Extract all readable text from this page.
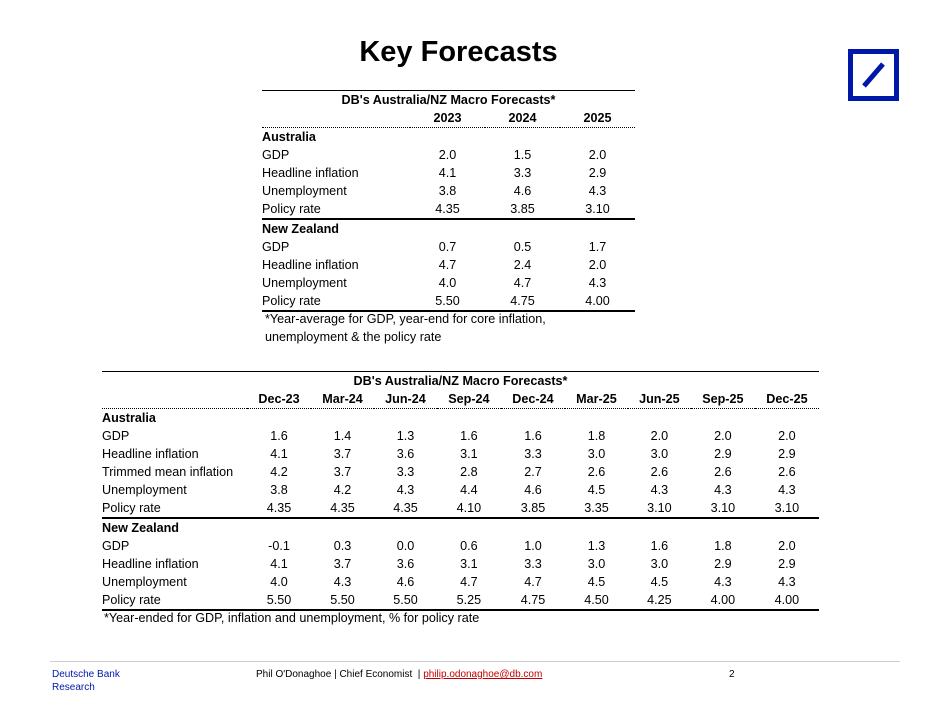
Key Forecasts
DB's Australia/NZ Macro Forecasts*			
	2023	2024	2025
Australia			
GDP	2.0	1.5	2.0
Headline inflation	4.1	3.3	2.9
Unemployment	3.8	4.6	4.3
Policy rate	4.35	3.85	3.10
New Zealand			
GDP	0.7	0.5	1.7
Headline inflation	4.7	2.4	2.0
Unemployment	4.0	4.7	4.3
Policy rate	5.50	4.75	4.00
*Year-average for GDP, year-end for core inflation, unemployment & the policy rate
DB's Australia/NZ Macro Forecasts*									
	Dec-23	Mar-24	Jun-24	Sep-24	Dec-24	Mar-25	Jun-25	Sep-25	Dec-25
Australia									
GDP	1.6	1.4	1.3	1.6	1.6	1.8	2.0	2.0	2.0
Headline inflation	4.1	3.7	3.6	3.1	3.3	3.0	3.0	2.9	2.9
Trimmed mean inflation	4.2	3.7	3.3	2.8	2.7	2.6	2.6	2.6	2.6
Unemployment	3.8	4.2	4.3	4.4	4.6	4.5	4.3	4.3	4.3
Policy rate	4.35	4.35	4.35	4.10	3.85	3.35	3.10	3.10	3.10
New Zealand									
GDP	-0.1	0.3	0.0	0.6	1.0	1.3	1.6	1.8	2.0
Headline inflation	4.1	3.7	3.6	3.1	3.3	3.0	3.0	2.9	2.9
Unemployment	4.0	4.3	4.6	4.7	4.7	4.5	4.5	4.3	4.3
Policy rate	5.50	5.50	5.50	5.25	4.75	4.50	4.25	4.00	4.00
*Year-ended for GDP, inflation and unemployment, % for policy rate
Deutsche Bank
Research
Phil O'Donaghoe | Chief Economist  | philip.odonaghoe@db.com	2
